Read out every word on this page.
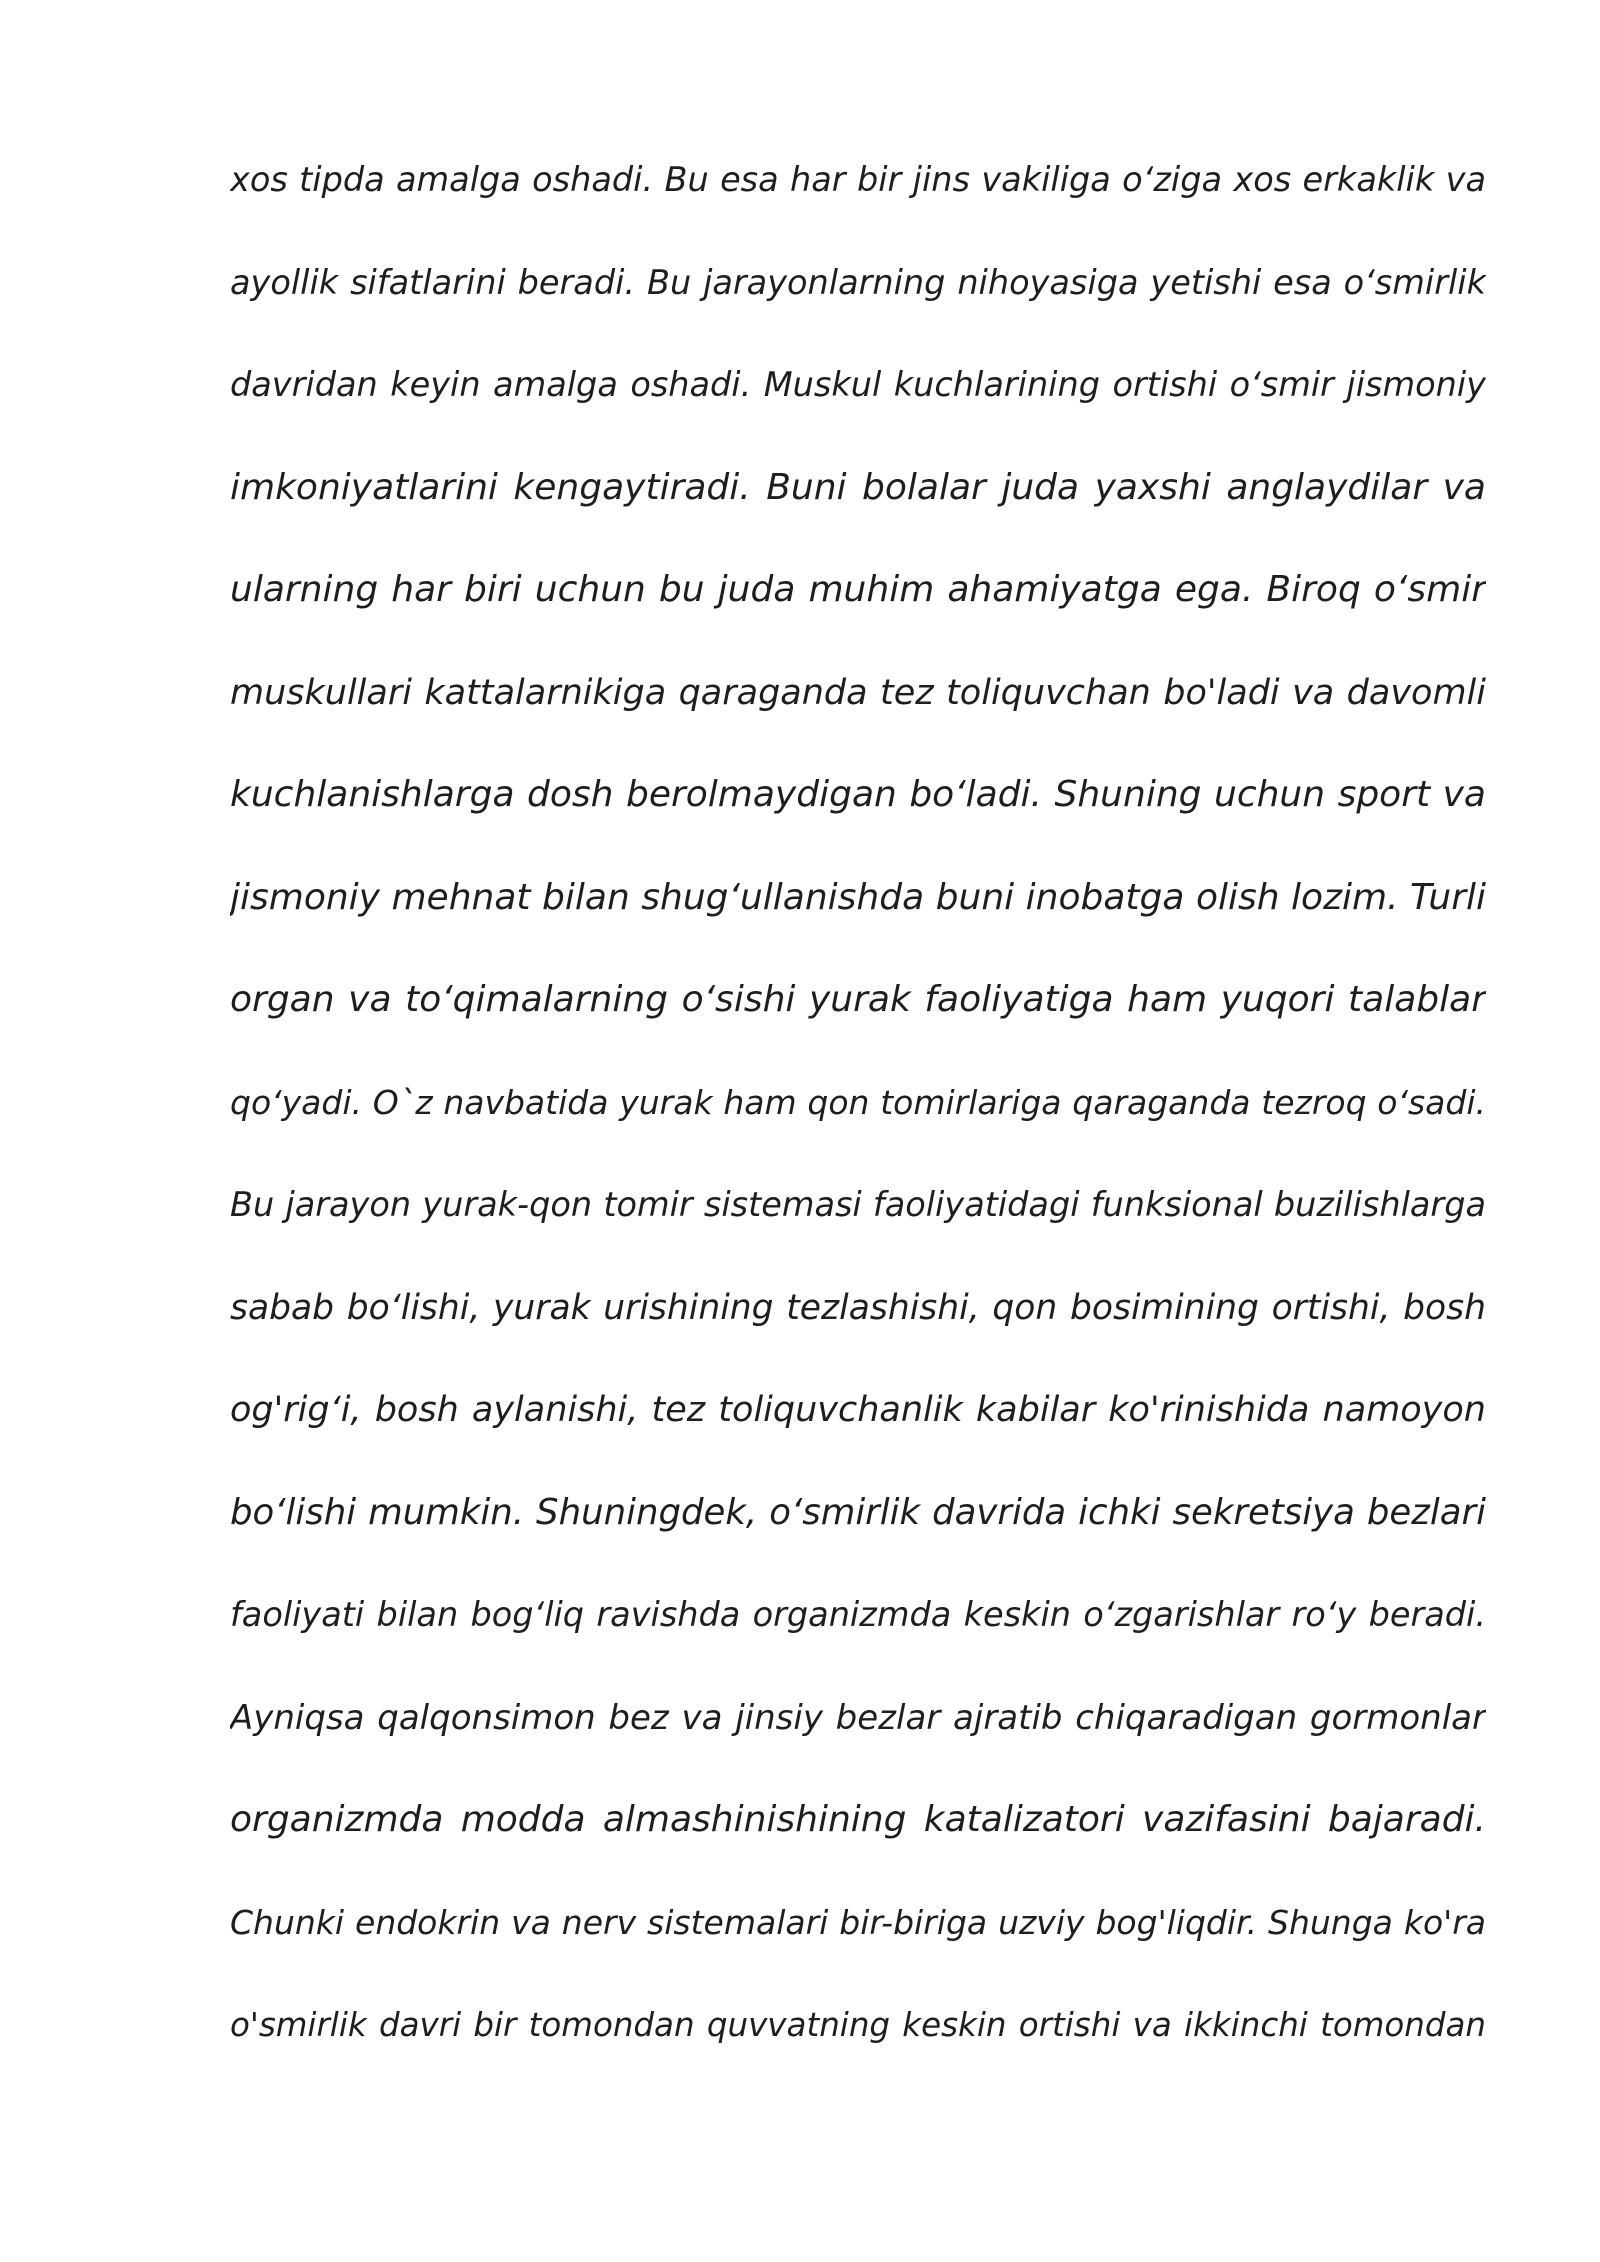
xos tipda amalga oshadi. Bu esa har bir jins vakiliga o‘ziga xos erkaklik va
ayollik sifatlarini beradi. Bu jarayonlarning nihoyasiga yetishi esa o‘smirlik
davridan keyin amalga oshadi. Muskul kuchlarining ortishi o‘smir jismoniy
imkoniyatlarini kengaytiradi. Buni bolalar juda yaxshi anglaydilar va
ularning har biri uchun bu juda muhim ahamiyatga ega. Biroq o‘smir
muskullari kattalarnikiga qaraganda tez toliquvchan bo'ladi va davomli
kuchlanishlarga dosh berolmaydigan bo‘ladi. Shuning uchun sport va
jismoniy mehnat bilan shug‘ullanishda buni inobatga olish lozim. Turli
organ va to‘qimalarning o‘sishi yurak faoliyatiga ham yuqori talablar
qo‘yadi. O`z navbatida yurak ham qon tomirlariga qaraganda tezroq o‘sadi.
Bu jarayon yurak-qon tomir sistemasi faoliyatidagi funksional buzilishlarga
sabab bo‘lishi, yurak urishining tezlashishi, qon bosimining ortishi, bosh
og'rig‘i, bosh aylanishi, tez toliquvchanlik kabilar ko'rinishida namoyon
bo‘lishi mumkin. Shuningdek, o‘smirlik davrida ichki sekretsiya bezlari
faoliyati bilan bog‘liq ravishda organizmda keskin o‘zgarishlar ro‘y beradi.
Ayniqsa qalqonsimon bez va jinsiy bezlar ajratib chiqaradigan gormonlar
organizmda modda almashinishining katalizatori vazifasini bajaradi.
Chunki endokrin va nerv sistemalari bir-biriga uzviy bog'liqdir. Shunga ko'ra
o'smirlik davri bir tomondan quvvatning keskin ortishi va ikkinchi tomondan
